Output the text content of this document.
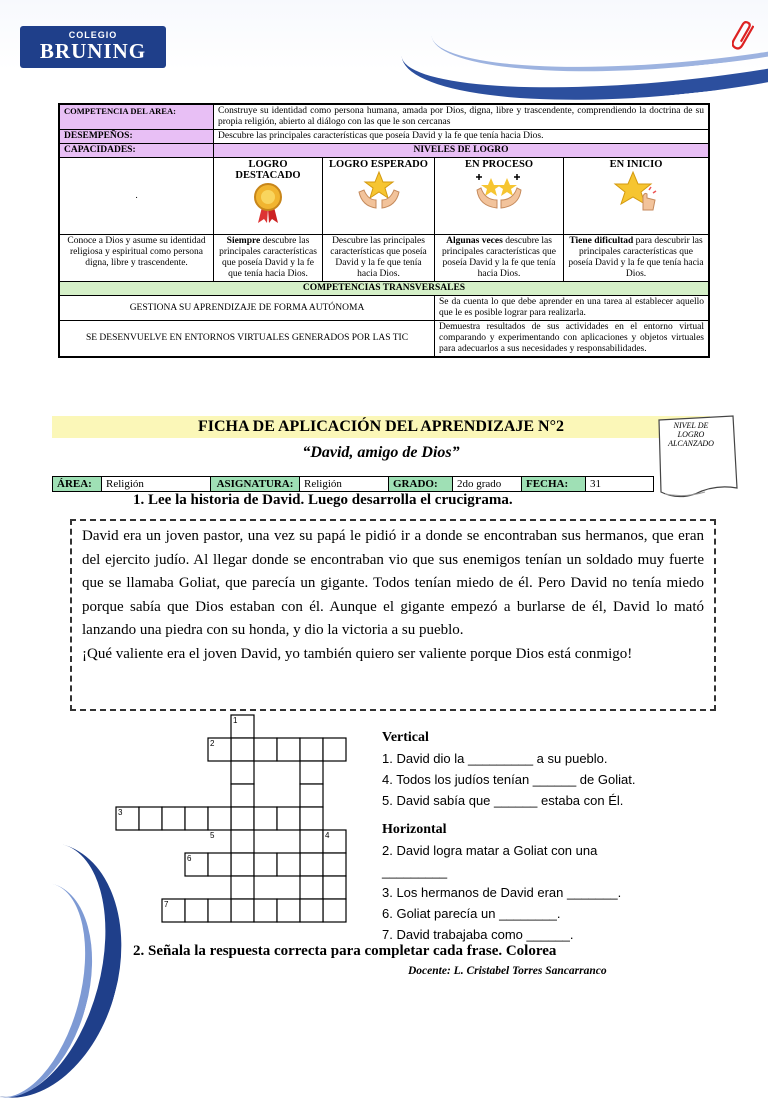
COLEGIO
BRUNING
COMPETENCIA DEL AREA:	Construye su identidad como persona humana, amada por Dios, digna, libre y trascendente, comprendiendo la doctrina de su propia religión, abierto al diálogo con las que le son cercanas			
DESEMPEÑOS:	Descubre las principales características que poseía David y la fe que tenía hacia Dios.			
CAPACIDADES:	NIVELES DE LOGRO			
.	LOGRO DESTACADO	LOGRO ESPERADO	EN PROCESO	EN INICIO

Conoce a Dios y asume su identidad religiosa y espiritual como persona digna, libre y trascendente.	Siempre descubre las principales características que poseía David y la fe que tenía hacia Dios.	Descubre las principales características que poseía David y la fe que tenía hacia Dios.	Algunas veces descubre las principales características que poseía David y la fe que tenía hacia Dios.	Tiene dificultad para descubrir las principales características que poseía David y la fe que tenía hacia Dios.
COMPETENCIAS TRANSVERSALES				
GESTIONA SU APRENDIZAJE DE FORMA AUTÓNOMA			Se da cuenta lo que debe aprender en una tarea al establecer aquello que le es posible lograr para realizarla.	
SE DESENVUELVE EN ENTORNOS VIRTUALES GENERADOS POR LAS TIC			Demuestra resultados de sus actividades en el entorno virtual comparando y experimentando con aplicaciones y objetos virtuales para adecuarlos a sus necesidades y responsabilidades.	
FICHA DE APLICACIÓN DEL APRENDIZAJE N°2	NIVEL DE LOGRO ALCANZADO
“David, amigo de Dios”
ÁREA:	Religión	ASIGNATURA:	Religión	GRADO:	2do grado	FECHA:	31
1. Lee la historia de David. Luego desarrolla el crucigrama.

David era un joven pastor, una vez su papá le pidió ir a donde se encontraban sus hermanos, que eran del ejercito judío. Al llegar donde se encontraban vio que sus enemigos tenían un soldado muy fuerte que se llamaba Goliat, que parecía un gigante. Todos tenían miedo de él. Pero David no tenía miedo porque sabía que Dios estaban con él. Aunque el gigante empezó a burlarse de él, David lo mató lanzando una piedra con su honda, y dio la victoria a su pueblo.

¡Qué valiente era el joven David, yo también quiero ser valiente porque Dios está conmigo!

1
2
3
4
5
6
7
Vertical
1. David dio la _________ a su pueblo.
4. Todos los judíos tenían ______ de Goliat.
5. David sabía que ______ estaba con Él.
Horizontal
2. David logra matar a Goliat con una
_________
3. Los hermanos de David eran _______.
6. Goliat parecía un ________.
7. David trabajaba como ______.
2. Señala la respuesta correcta para completar cada frase. Colorea
Docente: L. Cristabel Torres Sancarranco
